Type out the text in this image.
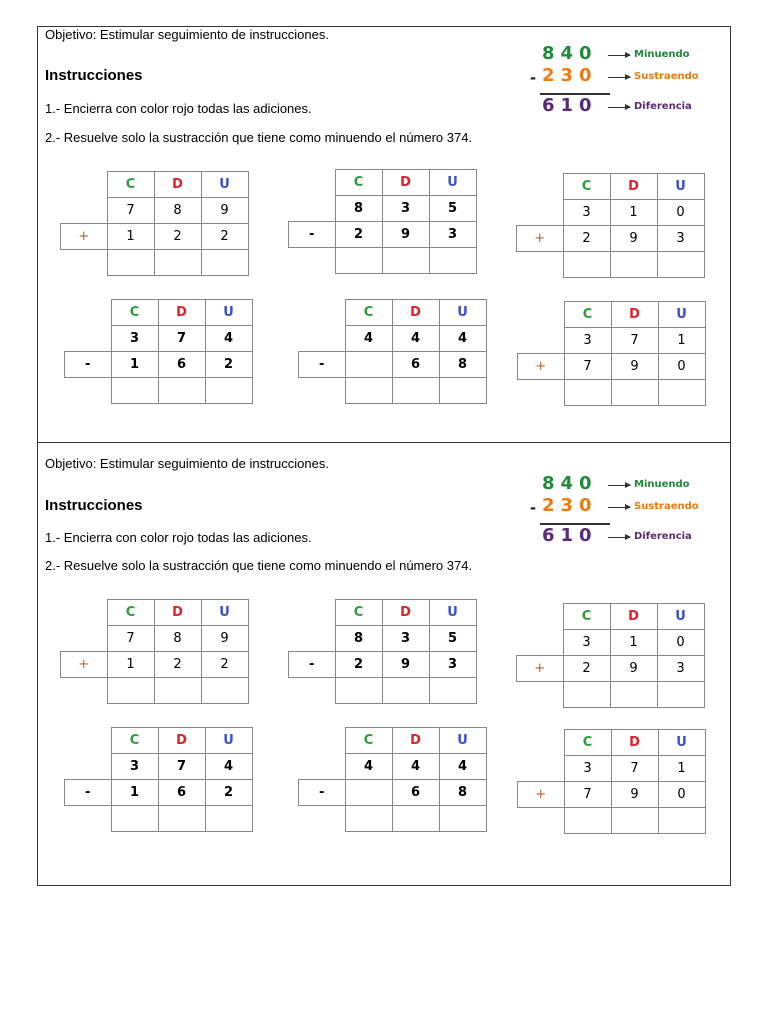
Objetivo: Estimular seguimiento de instrucciones.
Instrucciones
1.- Encierra con color rojo todas las adiciones.
2.- Resuelve solo la sustracción que tiene como minuendo el número 374.
840	Minuendo
- 230	Sustraendo
610	Diferencia
	C	D	U
	7	8	9
+	1	2	2

	C	D	U
	8	3	5
-	2	9	3

	C	D	U
	3	1	0
+	2	9	3

	C	D	U
	3	7	4
-	1	6	2

	C	D	U
	4	4	4
-		6	8

	C	D	U
	3	7	1
+	7	9	0

Objetivo: Estimular seguimiento de instrucciones.
Instrucciones
1.- Encierra con color rojo todas las adiciones.
2.- Resuelve solo la sustracción que tiene como minuendo el número 374.
840	Minuendo
- 230	Sustraendo
610	Diferencia
	C	D	U
	7	8	9
+	1	2	2

	C	D	U
	8	3	5
-	2	9	3

	C	D	U
	3	1	0
+	2	9	3

	C	D	U
	3	7	4
-	1	6	2

	C	D	U
	4	4	4
-		6	8

	C	D	U
	3	7	1
+	7	9	0
